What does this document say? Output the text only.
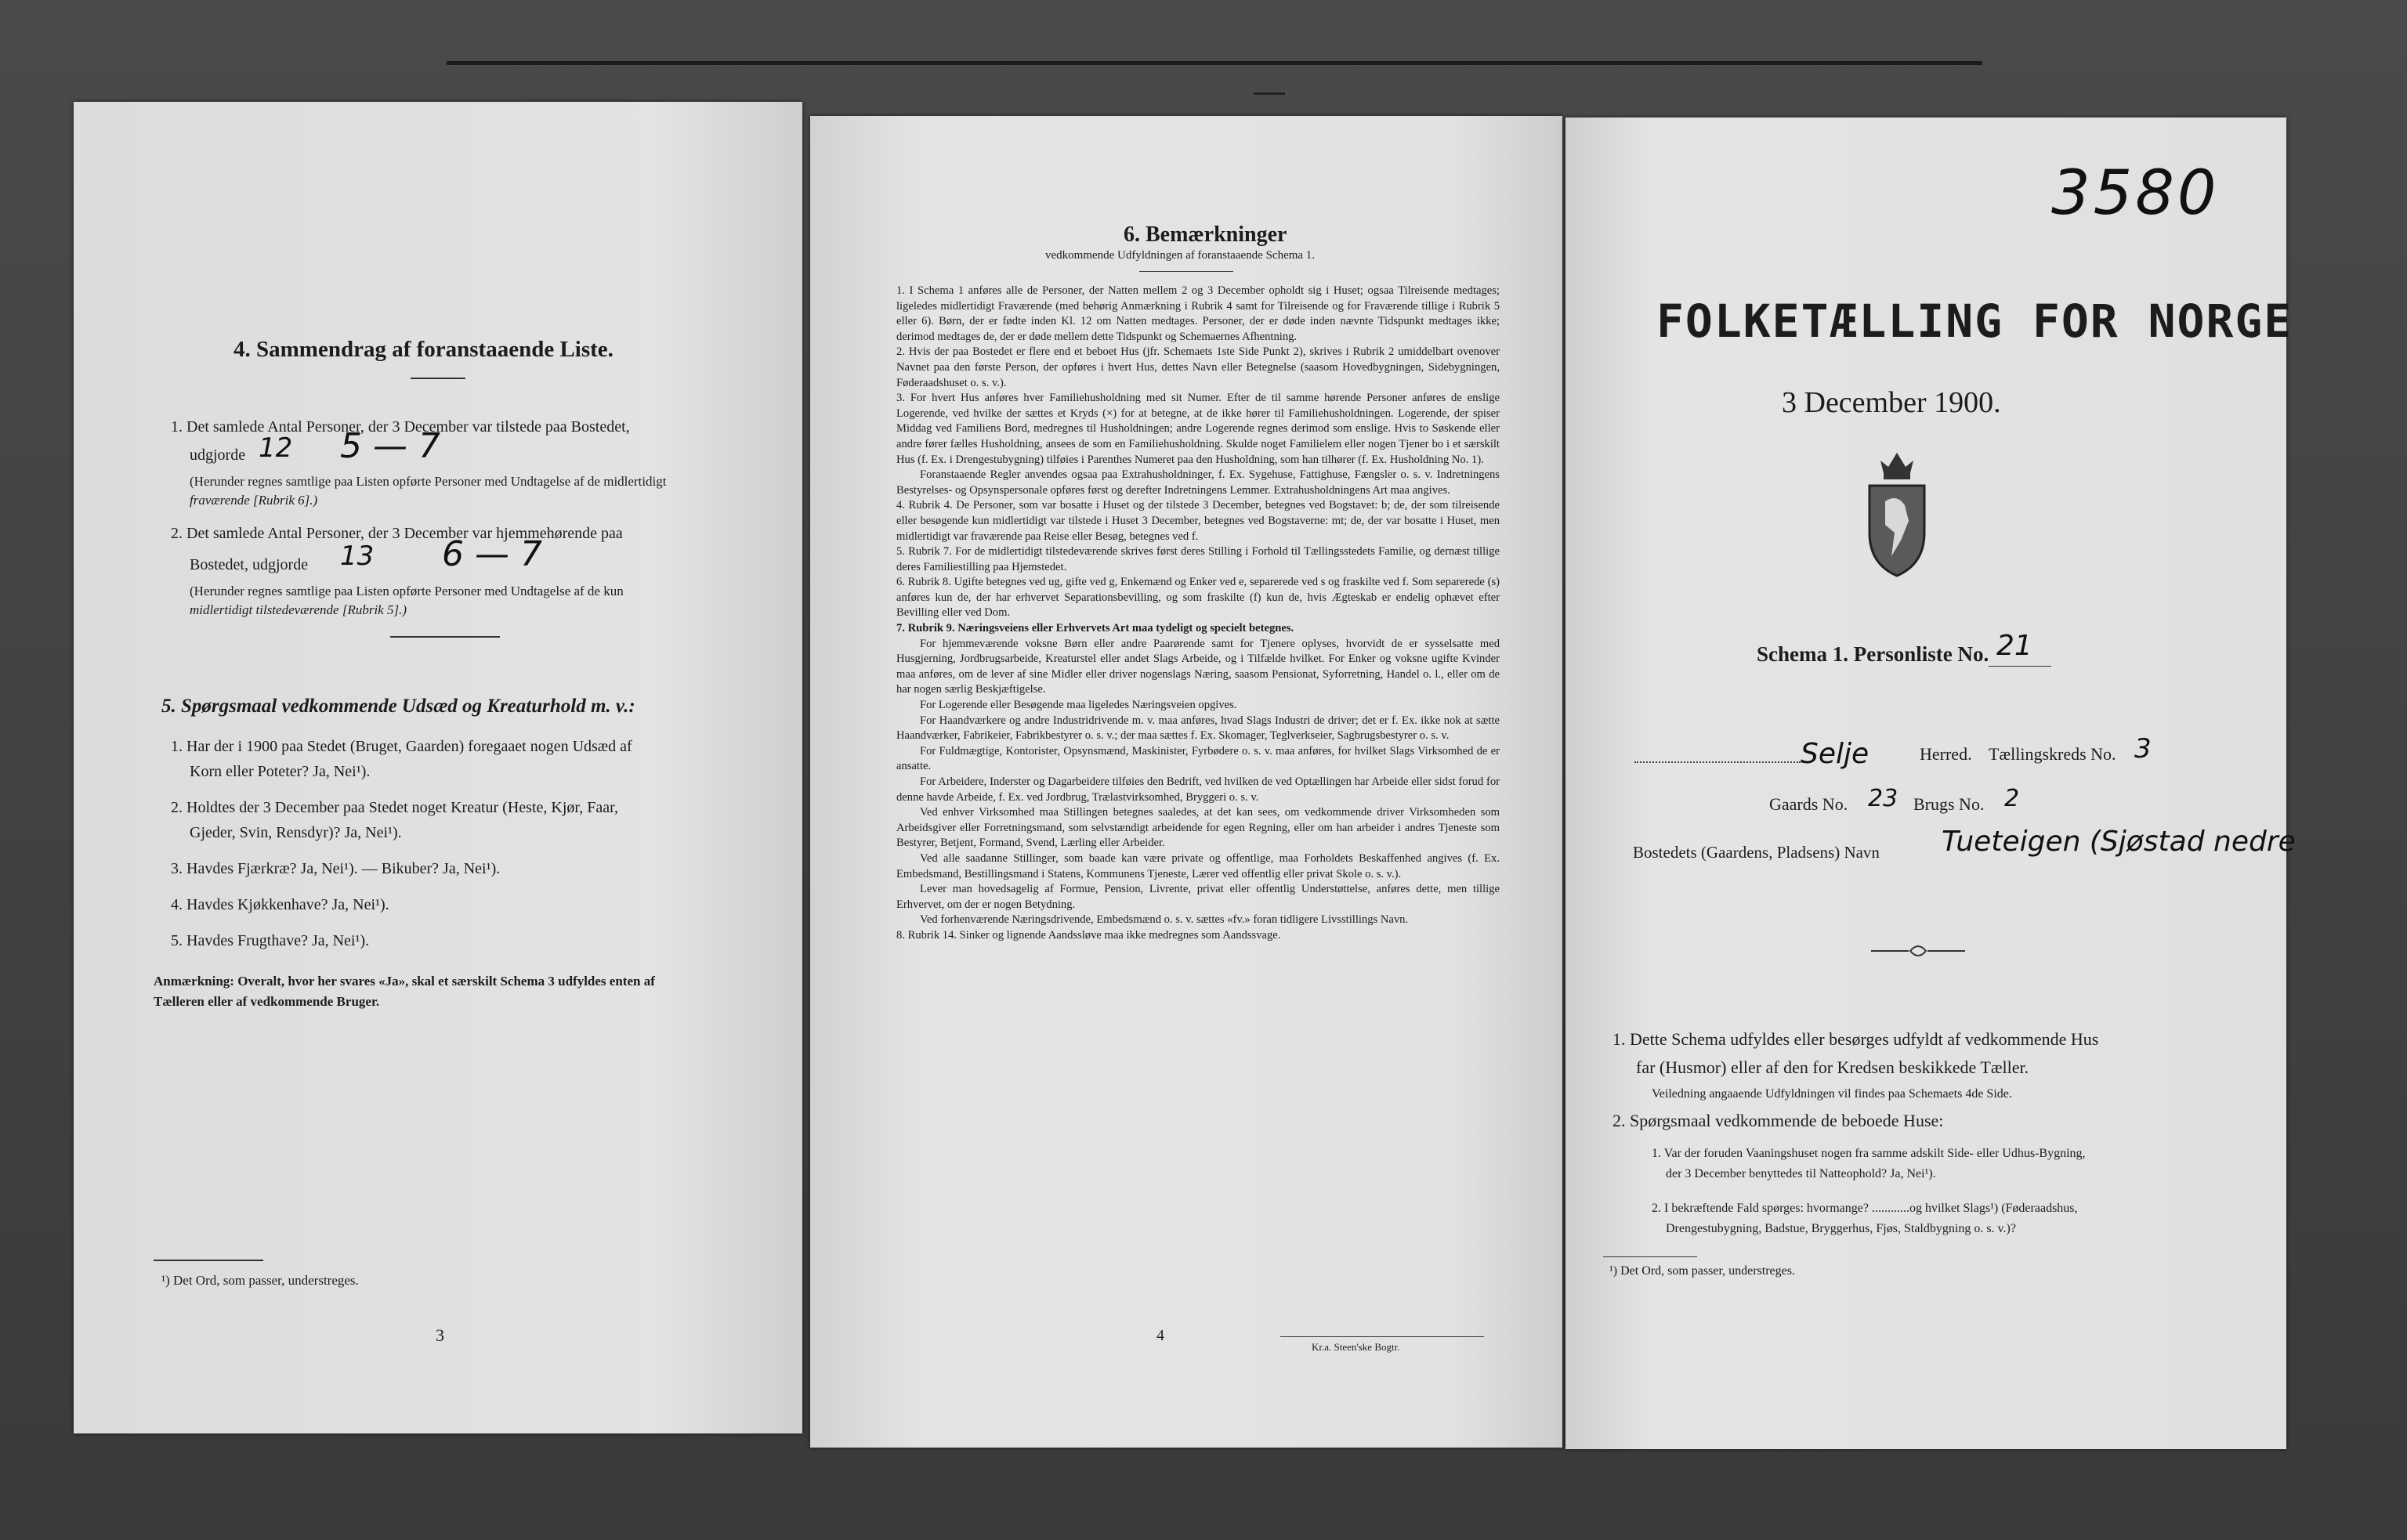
4. Sammendrag af foranstaaende Liste.
1. Det samlede Antal Personer, der 3 December var tilstede paa Bostedet,
udgjorde 12 5 — 7
(Herunder regnes samtlige paa Listen opførte Personer med Undtagelse af de midlertidigt
fraværende [Rubrik 6].)
2. Det samlede Antal Personer, der 3 December var hjemmehørende paa
Bostedet, udgjorde 13 6 — 7
(Herunder regnes samtlige paa Listen opførte Personer med Undtagelse af de kun
midlertidigt tilstedeværende [Rubrik 5].)
5. Spørgsmaal vedkommende Udsæd og Kreaturhold m. v.:
1. Har der i 1900 paa Stedet (Bruget, Gaarden) foregaaet nogen Udsæd af
Korn eller Poteter? Ja, Nei¹).
2. Holdtes der 3 December paa Stedet noget Kreatur (Heste, Kjør, Faar,
Gjeder, Svin, Rensdyr)? Ja, Nei¹).
3. Havdes Fjærkræ? Ja, Nei¹). — Bikuber? Ja, Nei¹).
4. Havdes Kjøkkenhave? Ja, Nei¹).
5. Havdes Frugthave? Ja, Nei¹).
Anmærkning: Overalt, hvor her svares «Ja», skal et særskilt Schema 3 udfyldes enten af
Tælleren eller af vedkommende Bruger.
¹) Det Ord, som passer, understreges.
3
6. Bemærkninger
vedkommende Udfyldningen af foranstaaende Schema 1.

1. I Schema 1 anføres alle de Personer, der Natten mellem 2 og 3 December opholdt sig i Huset; ogsaa Tilreisende medtages; ligeledes midlertidigt Fraværende (med behørig Anmærkning i Rubrik 4 samt for Tilreisende og for Fraværende tillige i Rubrik 5 eller 6). Børn, der er fødte inden Kl. 12 om Natten medtages. Personer, der er døde inden nævnte Tidspunkt medtages ikke; derimod medtages de, der er døde mellem dette Tidspunkt og Schemaernes Afhentning.

2. Hvis der paa Bostedet er flere end et beboet Hus (jfr. Schemaets 1ste Side Punkt 2), skrives i Rubrik 2 umiddelbart ovenover Navnet paa den første Person, der opføres i hvert Hus, dettes Navn eller Betegnelse (saasom Hovedbygningen, Sidebygningen, Føderaadshuset o. s. v.).

3. For hvert Hus anføres hver Familiehusholdning med sit Numer. Efter de til samme hørende Personer anføres de enslige Logerende, ved hvilke der sættes et Kryds (×) for at betegne, at de ikke hører til Familiehusholdningen. Logerende, der spiser Middag ved Familiens Bord, medregnes til Husholdningen; andre Logerende regnes derimod som enslige. Hvis to Søskende eller andre fører fælles Husholdning, ansees de som en Familiehusholdning. Skulde noget Familielem eller nogen Tjener bo i et særskilt Hus (f. Ex. i Drengestubygning) tilføies i Parenthes Numeret paa den Husholdning, som han tilhører (f. Ex. Husholdning No. 1).

Foranstaaende Regler anvendes ogsaa paa Extrahusholdninger, f. Ex. Sygehuse, Fattighuse, Fængsler o. s. v. Indretningens Bestyrelses- og Opsynspersonale opføres først og derefter Indretningens Lemmer. Extrahusholdningens Art maa angives.

4. Rubrik 4. De Personer, som var bosatte i Huset og der tilstede 3 December, betegnes ved Bogstavet: b; de, der som tilreisende eller besøgende kun midlertidigt var tilstede i Huset 3 December, betegnes ved Bogstaverne: mt; de, der var bosatte i Huset, men midlertidigt var fraværende paa Reise eller Besøg, betegnes ved f.

5. Rubrik 7. For de midlertidigt tilstedeværende skrives først deres Stilling i Forhold til Tællingsstedets Familie, og dernæst tillige deres Familiestilling paa Hjemstedet.

6. Rubrik 8. Ugifte betegnes ved ug, gifte ved g, Enkemænd og Enker ved e, separerede ved s og fraskilte ved f. Som separerede (s) anføres kun de, der har erhvervet Separationsbevilling, og som fraskilte (f) kun de, hvis Ægteskab er endelig ophævet efter Bevilling eller ved Dom.

7. Rubrik 9. Næringsveiens eller Erhvervets Art maa tydeligt og specielt betegnes.

For hjemmeværende voksne Børn eller andre Paarørende samt for Tjenere oplyses, hvorvidt de er sysselsatte med Husgjerning, Jordbrugsarbeide, Kreaturstel eller andet Slags Arbeide, og i Tilfælde hvilket. For Enker og voksne ugifte Kvinder maa anføres, om de lever af sine Midler eller driver nogenslags Næring, saasom Pensionat, Syforretning, Handel o. l., eller om de har nogen særlig Beskjæftigelse.

For Logerende eller Besøgende maa ligeledes Næringsveien opgives.

For Haandværkere og andre Industridrivende m. v. maa anføres, hvad Slags Industri de driver; det er f. Ex. ikke nok at sætte Haandværker, Fabrikeier, Fabrikbestyrer o. s. v.; der maa sættes f. Ex. Skomager, Teglverkseier, Sagbrugsbestyrer o. s. v.

For Fuldmægtige, Kontorister, Opsynsmænd, Maskinister, Fyrbødere o. s. v. maa anføres, for hvilket Slags Virksomhed de er ansatte.

For Arbeidere, Inderster og Dagarbeidere tilføies den Bedrift, ved hvilken de ved Optællingen har Arbeide eller sidst forud for denne havde Arbeide, f. Ex. ved Jordbrug, Trælastvirksomhed, Bryggeri o. s. v.

Ved enhver Virksomhed maa Stillingen betegnes saaledes, at det kan sees, om vedkommende driver Virksomheden som Arbeidsgiver eller Forretningsmand, som selvstændigt arbeidende for egen Regning, eller om han arbeider i andres Tjeneste som Bestyrer, Betjent, Formand, Svend, Lærling eller Arbeider.

Ved alle saadanne Stillinger, som baade kan være private og offentlige, maa Forholdets Beskaffenhed angives (f. Ex. Embedsmand, Bestillingsmand i Statens, Kommunens Tjeneste, Lærer ved offentlig eller privat Skole o. s. v.).

Lever man hovedsagelig af Formue, Pension, Livrente, privat eller offentlig Understøttelse, anføres dette, men tillige Erhvervet, om der er nogen Betydning.

Ved forhenværende Næringsdrivende, Embedsmænd o. s. v. sættes «fv.» foran tidligere Livsstillings Navn.

8. Rubrik 14. Sinker og lignende Aandssløve maa ikke medregnes som Aandssvage.

4
Kr.a. Steen'ske Bogtr.
3580
FOLKETÆLLING FOR NORGE
3 December 1900.
Schema 1. Personliste No. 21
Selje	Herred. Tællingskreds No. 3
Gaards No. 23 Brugs No. 2
Bostedets (Gaardens, Pladsens) Navn Tueteigen (Sjøstad nedre
1. Dette Schema udfyldes eller besørges udfyldt af vedkommende Hus
far (Husmor) eller af den for Kredsen beskikkede Tæller.
Veiledning angaaende Udfyldningen vil findes paa Schemaets 4de Side.
2. Spørgsmaal vedkommende de beboede Huse:
1. Var der foruden Vaaningshuset nogen fra samme adskilt Side- eller Udhus-Bygning,
der 3 December benyttedes til Natteophold? Ja, Nei¹).
2. I bekræftende Fald spørges: hvormange? ............og hvilket Slags¹) (Føderaadshus,
Drengestubygning, Badstue, Bryggerhus, Fjøs, Staldbygning o. s. v.)?
¹) Det Ord, som passer, understreges.
